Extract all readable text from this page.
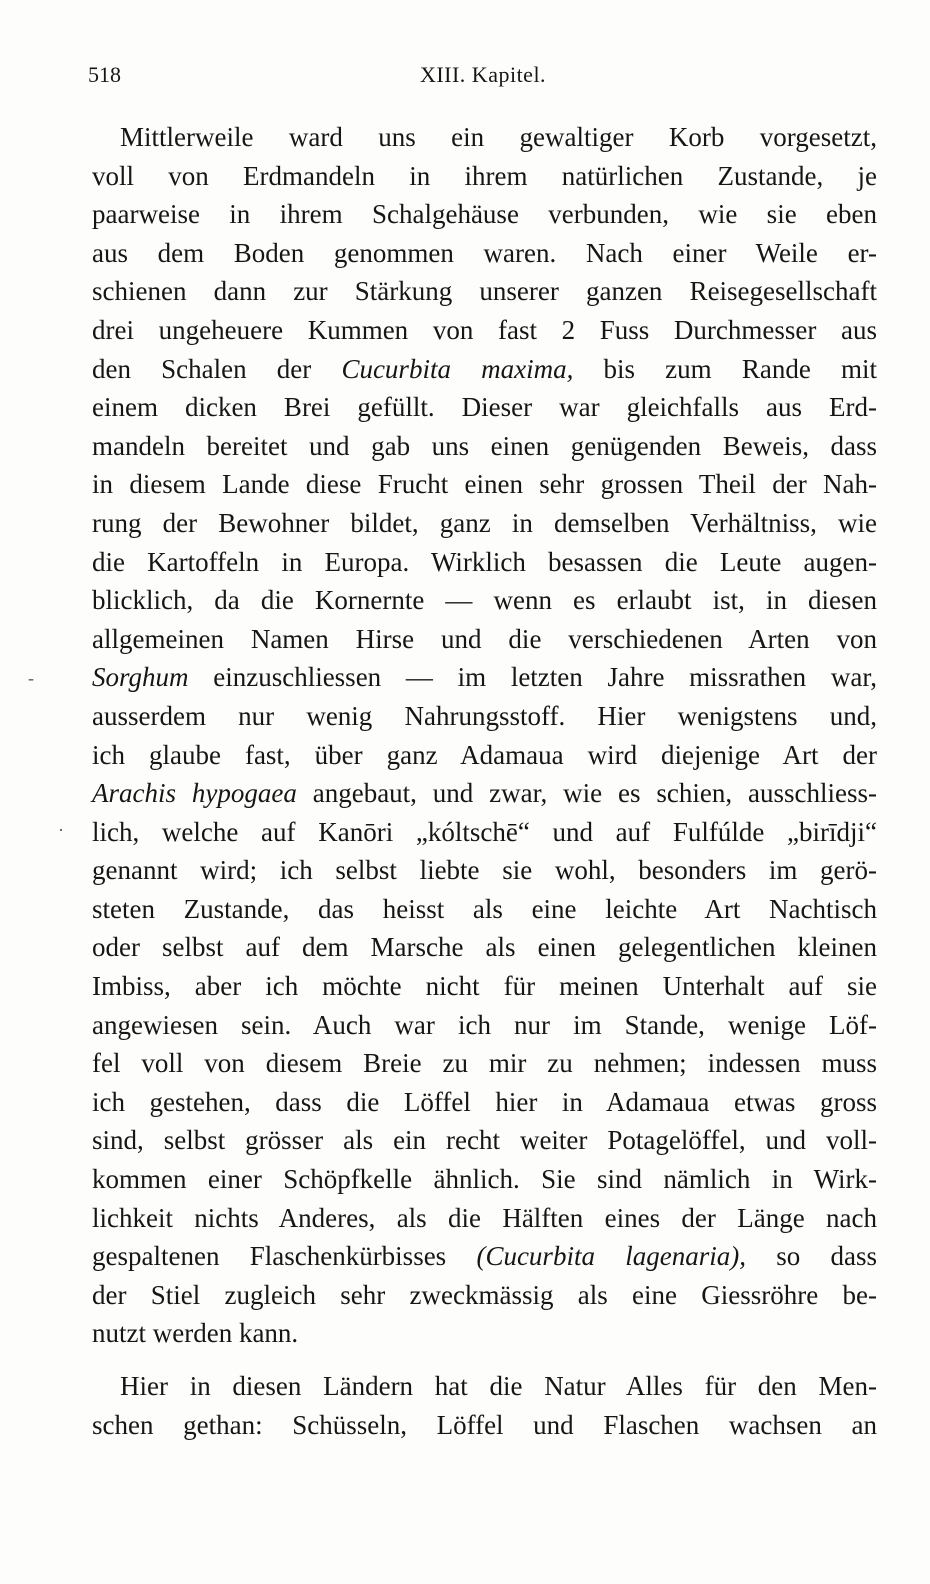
518	XIII. Kapitel.
Mittlerweile ward uns ein gewaltiger Korb vorgesetzt,
voll von Erdmandeln in ihrem natürlichen Zustande, je
paarweise in ihrem Schalgehäuse verbunden, wie sie eben
aus dem Boden genommen waren. Nach einer Weile er-
schienen dann zur Stärkung unserer ganzen Reisegesellschaft
drei ungeheuere Kummen von fast 2 Fuss Durchmesser aus
den Schalen der Cucurbita maxima, bis zum Rande mit
einem dicken Brei gefüllt. Dieser war gleichfalls aus Erd-
mandeln bereitet und gab uns einen genügenden Beweis, dass
in diesem Lande diese Frucht einen sehr grossen Theil der Nah-
rung der Bewohner bildet, ganz in demselben Verhältniss, wie
die Kartoffeln in Europa. Wirklich besassen die Leute augen-
blicklich, da die Kornernte — wenn es erlaubt ist, in diesen
allgemeinen Namen Hirse und die verschiedenen Arten von
Sorghum einzuschliessen — im letzten Jahre missrathen war,
ausserdem nur wenig Nahrungsstoff. Hier wenigstens und,
ich glaube fast, über ganz Adamaua wird diejenige Art der
Arachis hypogaea angebaut, und zwar, wie es schien, ausschliess-
lich, welche auf Kanōri „kóltschē“ und auf Fulfúlde „birīdji“
genannt wird; ich selbst liebte sie wohl, besonders im gerö-
steten Zustande, das heisst als eine leichte Art Nachtisch
oder selbst auf dem Marsche als einen gelegentlichen kleinen
Imbiss, aber ich möchte nicht für meinen Unterhalt auf sie
angewiesen sein. Auch war ich nur im Stande, wenige Löf-
fel voll von diesem Breie zu mir zu nehmen; indessen muss
ich gestehen, dass die Löffel hier in Adamaua etwas gross
sind, selbst grösser als ein recht weiter Potagelöffel, und voll-
kommen einer Schöpfkelle ähnlich. Sie sind nämlich in Wirk-
lichkeit nichts Anderes, als die Hälften eines der Länge nach
gespaltenen Flaschenkürbisses (Cucurbita lagenaria), so dass
der Stiel zugleich sehr zweckmässig als eine Giessröhre be-
nutzt werden kann.
Hier in diesen Ländern hat die Natur Alles für den Men-
schen gethan: Schüsseln, Löffel und Flaschen wachsen an
-
·
